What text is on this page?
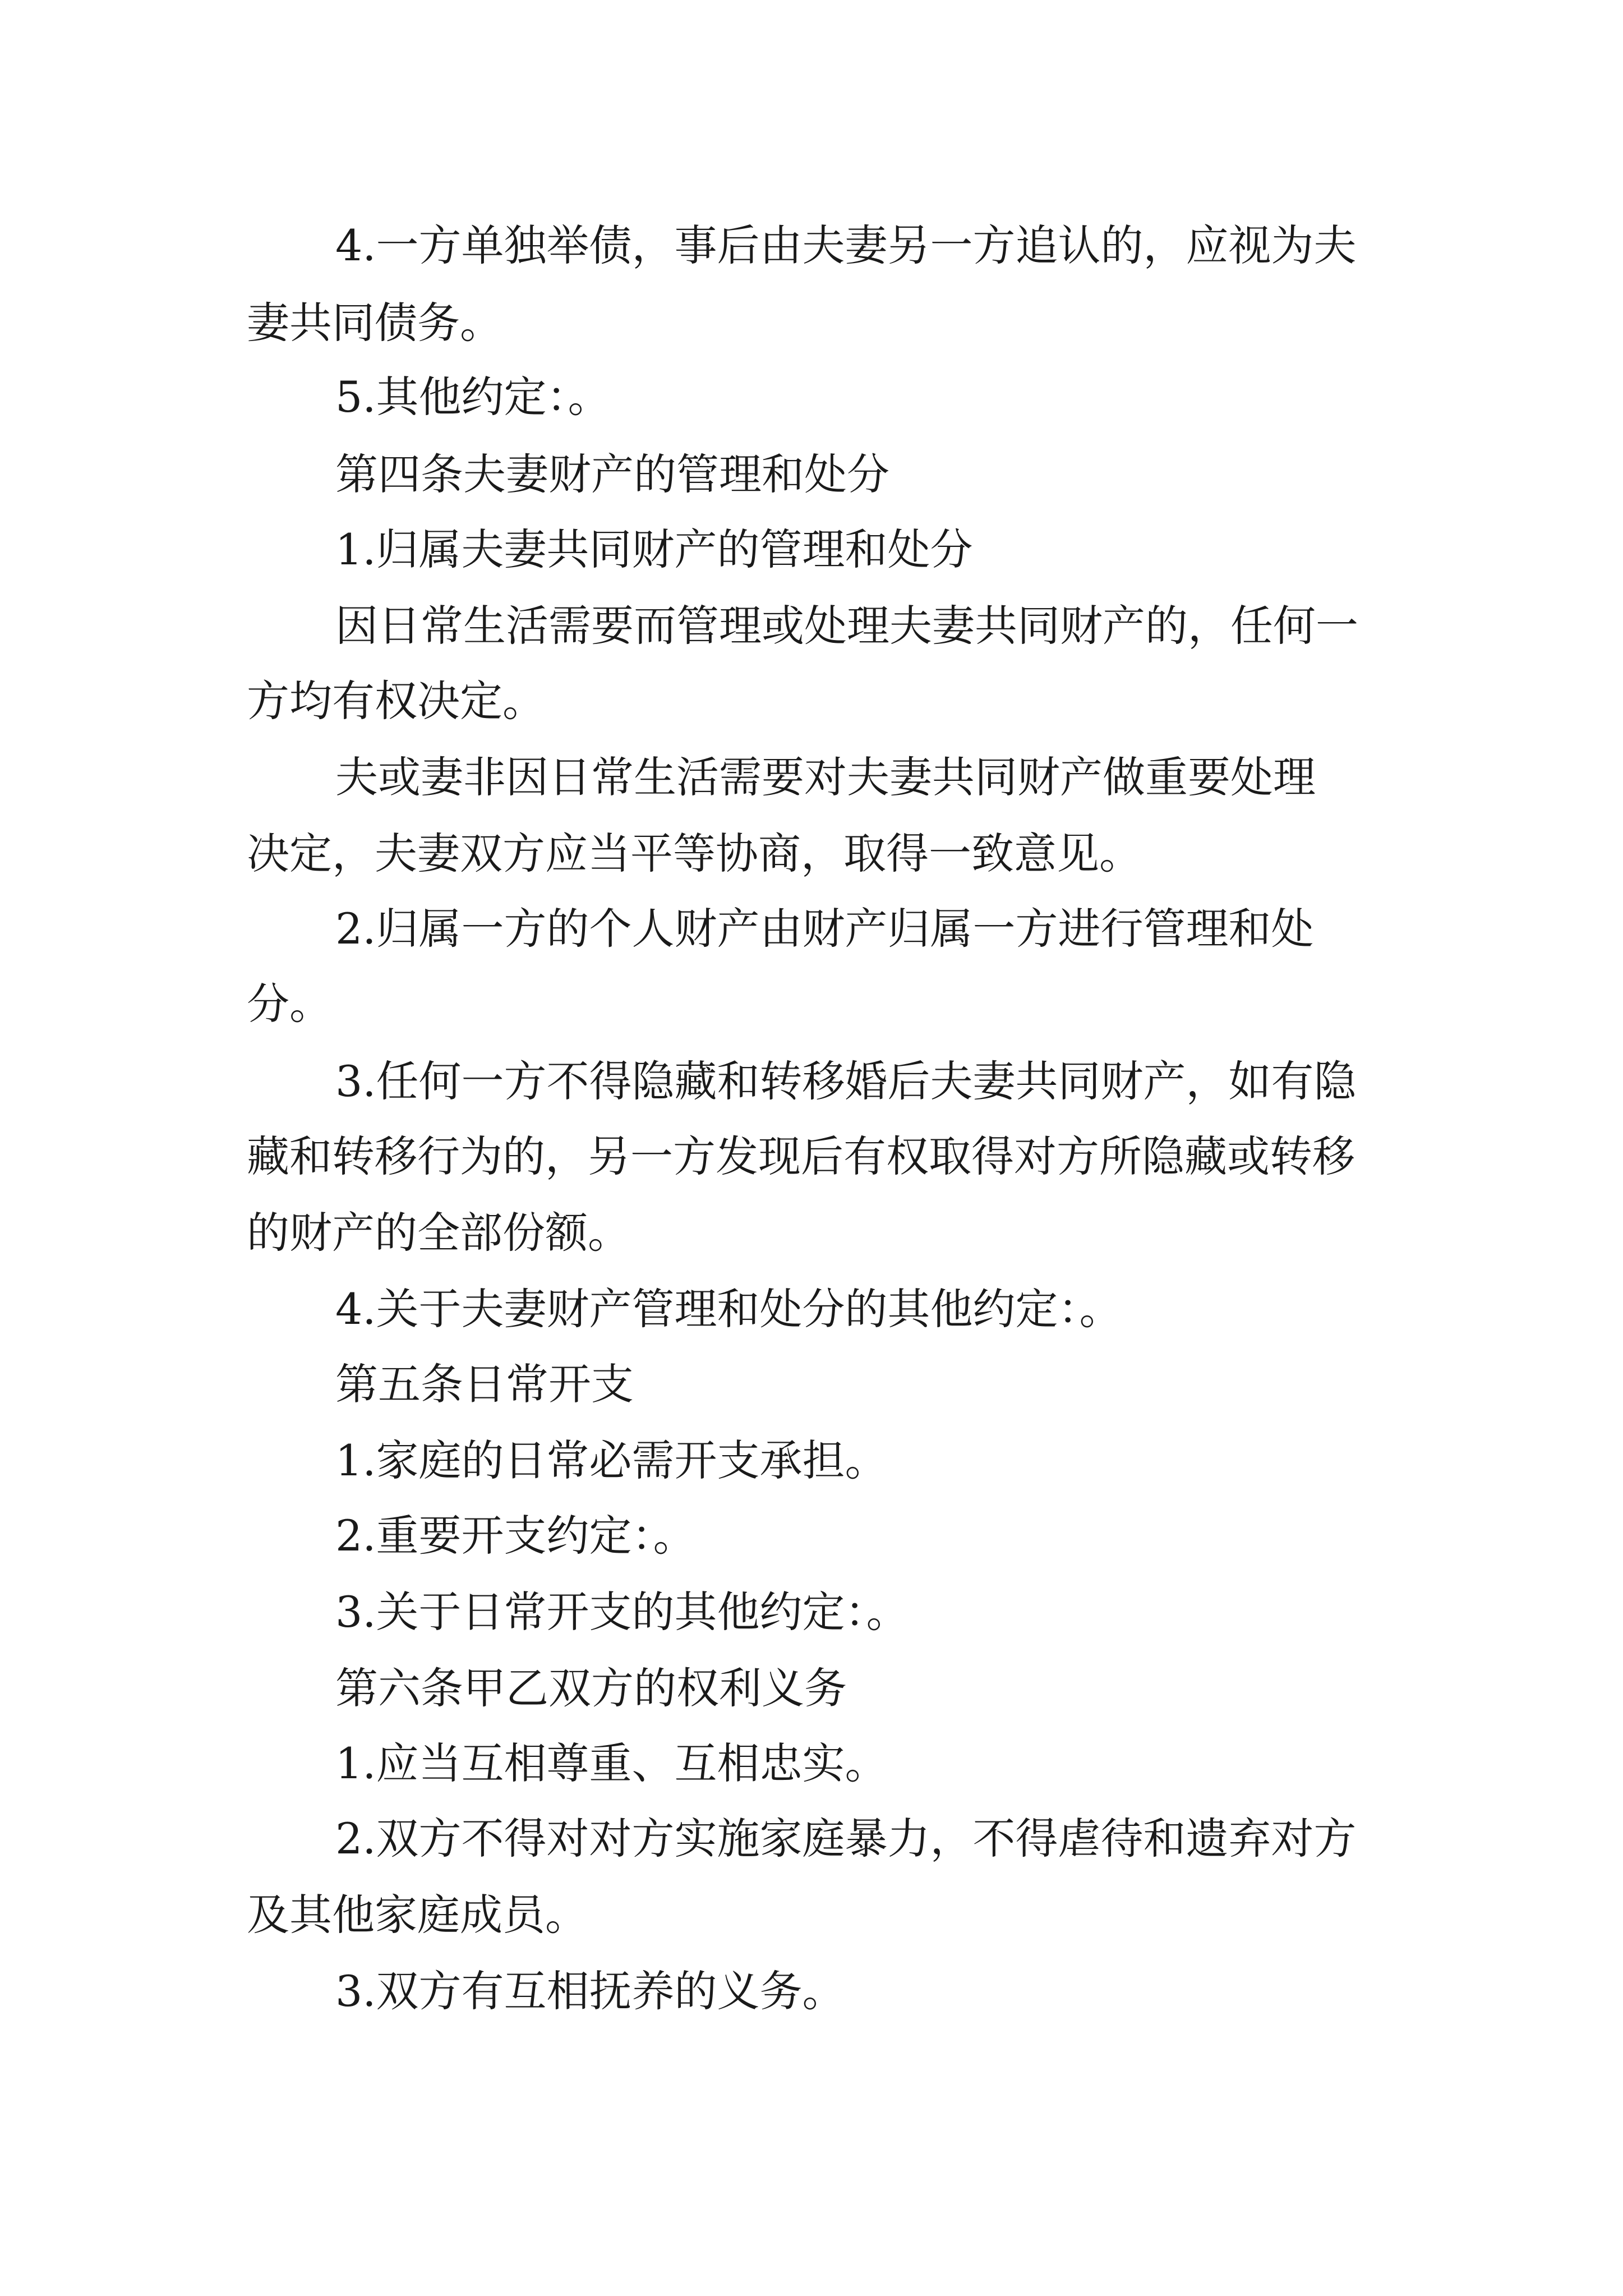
4.一方单独举债，事后由夫妻另一方追认的，应视为夫

妻共同债务。

5.其他约定：。

第四条夫妻财产的管理和处分

1.归属夫妻共同财产的管理和处分

因日常生活需要而管理或处理夫妻共同财产的，任何一

方均有权决定。

夫或妻非因日常生活需要对夫妻共同财产做重要处理

决定，夫妻双方应当平等协商，取得一致意见。

2.归属一方的个人财产由财产归属一方进行管理和处

分。

3.任何一方不得隐藏和转移婚后夫妻共同财产，如有隐

藏和转移行为的，另一方发现后有权取得对方所隐藏或转移

的财产的全部份额。

4.关于夫妻财产管理和处分的其他约定：。

第五条日常开支

1.家庭的日常必需开支承担。

2.重要开支约定：。

3.关于日常开支的其他约定：。

第六条甲乙双方的权利义务

1.应当互相尊重、互相忠实。

2.双方不得对对方实施家庭暴力，不得虐待和遗弃对方

及其他家庭成员。

3.双方有互相抚养的义务。
